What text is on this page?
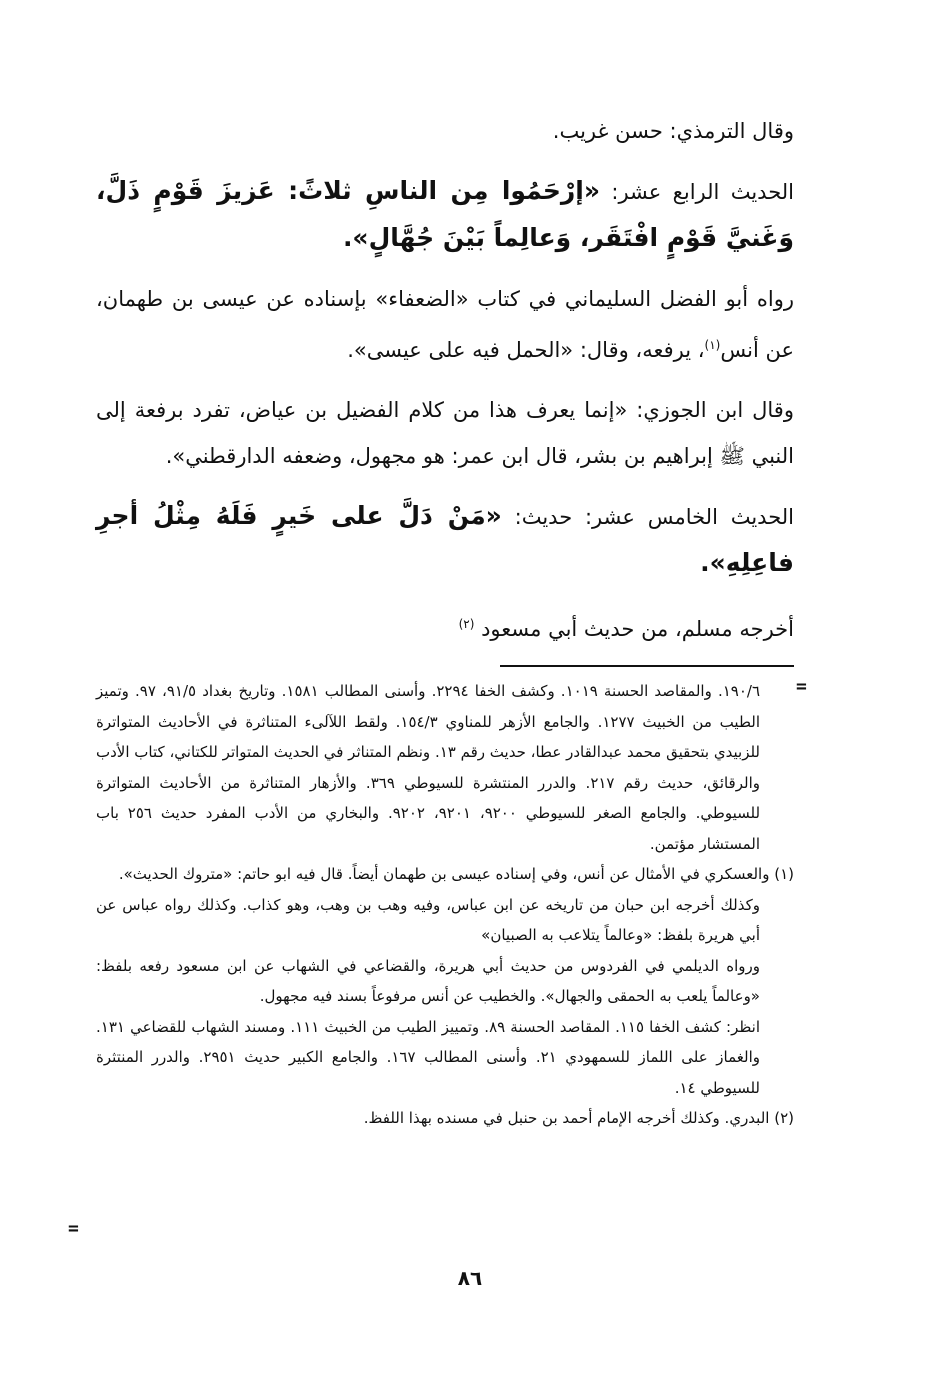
وقال الترمذي: حسن غريب.

الحديث الرابع عشر: «إرْحَمُوا مِن الناسِ ثلاثً: عَزيزَ قَوْمٍ ذَلَّ، وَغَنيَّ قَوْمٍ افْتَقَر، وَعالِماً بَيْنَ جُهَّالٍ».

رواه أبو الفضل السليماني في كتاب «الضعفاء» بإسناده عن عيسى بن طهمان، عن أنس$^{(١)}$، يرفعه، وقال: «الحمل فيه على عيسى».

وقال ابن الجوزي: «إنما يعرف هذا من كلام الفضيل بن عياض، تفرد برفعة إلى النبي ﷺ إبراهيم بن بشر، قال ابن عمر: هو مجهول، وضعفه الدارقطني».

الحديث الخامس عشر: حديث: «مَنْ دَلَّ على خَيرٍ فَلَهُ مِثْلُ أجرِ فاعِلِهِ».

أخرجه مسلم، من حديث أبي مسعود $^{(٢)}$

=

١٩٠/٦. والمقاصد الحسنة ١٠١٩. وكشف الخفا ٢٢٩٤. وأسنى المطالب ١٥٨١. وتاريخ بغداد ٩١/٥، ٩٧. وتميز الطيب من الخبيث ١٢٧٧. والجامع الأزهر للمناوي ١٥٤/٣. ولقط اللآلىء المتناثرة في الأحاديث المتواترة للزبيدي بتحقيق محمد عبدالقادر عطا، حديث رقم ١٣. ونظم المتناثر في الحديث المتواتر للكتاني، كتاب الأدب والرقائق، حديث رقم ٢١٧. والدرر المنتشرة للسيوطي ٣٦٩. والأزهار المتناثرة من الأحاديث المتواترة للسيوطي. والجامع الصغر للسيوطي ٩٢٠٠، ٩٢٠١، ٩٢٠٢. والبخاري من الأدب المفرد حديث ٢٥٦ باب المستشار مؤتمن.

(١) والعسكري في الأمثال عن أنس، وفي إسناده عيسى بن طهمان أيضاً. قال فيه ابو حاتم: «متروك الحديث».

وكذلك أخرجه ابن حبان من تاريخه عن ابن عباس، وفيه وهب بن وهب، وهو كذاب. وكذلك رواه عباس عن أبي هريرة بلفظ: «وعالماً يتلاعب به الصبيان»

ورواه الديلمي في الفردوس من حديث أبي هريرة، والقضاعي في الشهاب عن ابن مسعود رفعه بلفظ: «وعالماً يلعب به الحمقى والجهال». والخطيب عن أنس مرفوعاً بسند فيه مجهول.

انظر: كشف الخفا ١١٥. المقاصد الحسنة ٨٩. وتمييز الطيب من الخبيث ١١١. ومسند الشهاب للقضاعي ١٣١. والغماز على اللماز للسمهودي ٢١. وأسنى المطالب ١٦٧. والجامع الكبير حديث ٢٩٥١. والدرر المنتثرة للسيوطي ١٤.

(٢) البدري. وكذلك أخرجه الإمام أحمد بن حنبل في مسنده بهذا اللفظ.

=
٨٦
